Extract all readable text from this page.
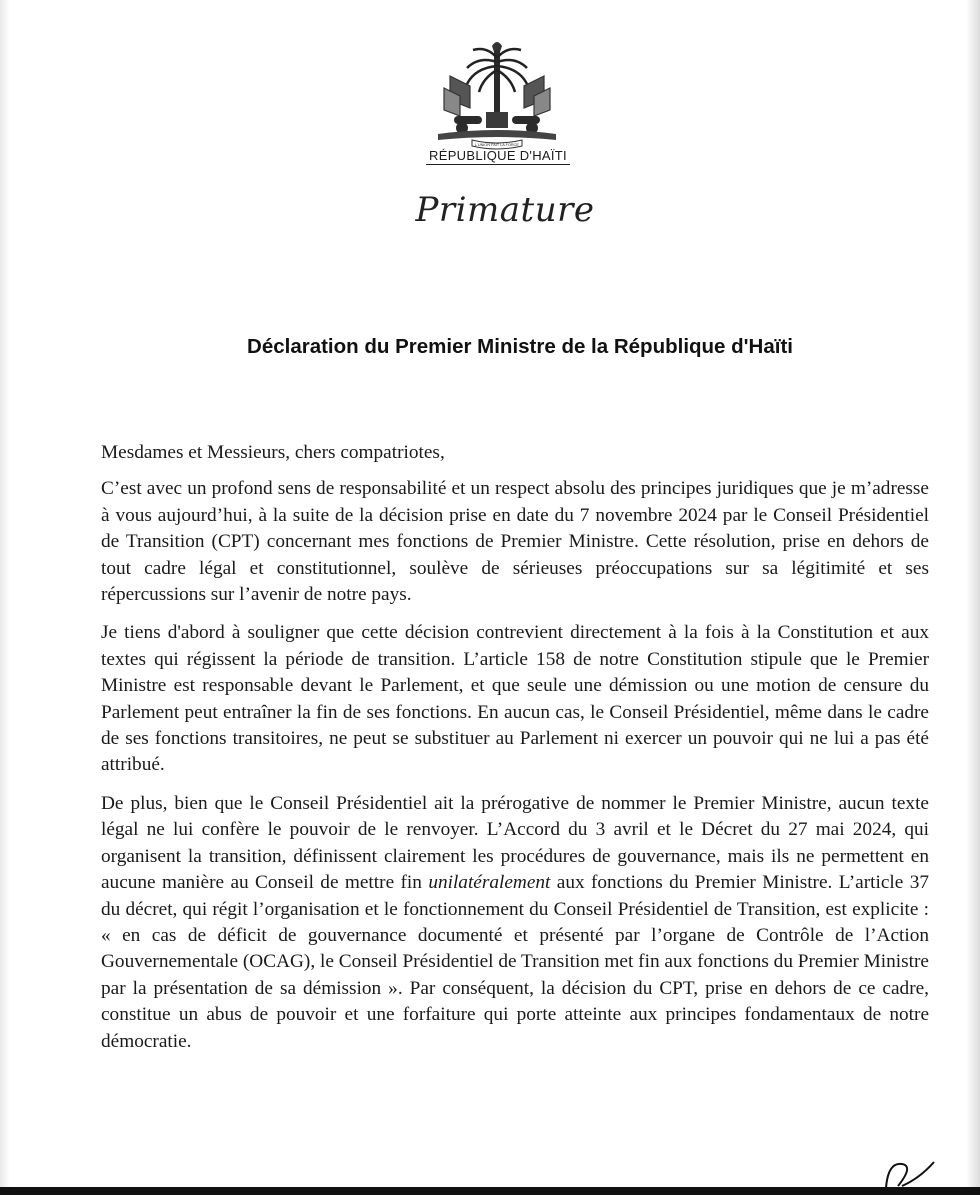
L'UNION FAIT LA FORCE
RÉPUBLIQUE D'HAÏTI
Primature
Déclaration du Premier Ministre de la République d'Haïti

Mesdames et Messieurs, chers compatriotes,

C’est avec un profond sens de responsabilité et un respect absolu des principes juridiques que je m’adresse à vous aujourd’hui, à la suite de la décision prise en date du 7 novembre 2024 par le Conseil Présidentiel de Transition (CPT) concernant mes fonctions de Premier Ministre. Cette résolution, prise en dehors de tout cadre légal et constitutionnel, soulève de sérieuses préoccupations sur sa légitimité et ses répercussions sur l’avenir de notre pays.

Je tiens d'abord à souligner que cette décision contrevient directement à la fois à la Constitution et aux textes qui régissent la période de transition. L’article 158 de notre Constitution stipule que le Premier Ministre est responsable devant le Parlement, et que seule une démission ou une motion de censure du Parlement peut entraîner la fin de ses fonctions. En aucun cas, le Conseil Présidentiel, même dans le cadre de ses fonctions transitoires, ne peut se substituer au Parlement ni exercer un pouvoir qui ne lui a pas été attribué.

De plus, bien que le Conseil Présidentiel ait la prérogative de nommer le Premier Ministre, aucun texte légal ne lui confère le pouvoir de le renvoyer. L’Accord du 3 avril et le Décret du 27 mai 2024, qui organisent la transition, définissent clairement les procédures de gouvernance, mais ils ne permettent en aucune manière au Conseil de mettre fin unilatéralement aux fonctions du Premier Ministre. L’article 37 du décret, qui régit l’organisation et le fonctionnement du Conseil Présidentiel de Transition, est explicite : « en cas de déficit de gouvernance documenté et présenté par l’organe de Contrôle de l’Action Gouvernementale (OCAG), le Conseil Présidentiel de Transition met fin aux fonctions du Premier Ministre par la présentation de sa démission ». Par conséquent, la décision du CPT, prise en dehors de ce cadre, constitue un abus de pouvoir et une forfaiture qui porte atteinte aux principes fondamentaux de notre démocratie.
